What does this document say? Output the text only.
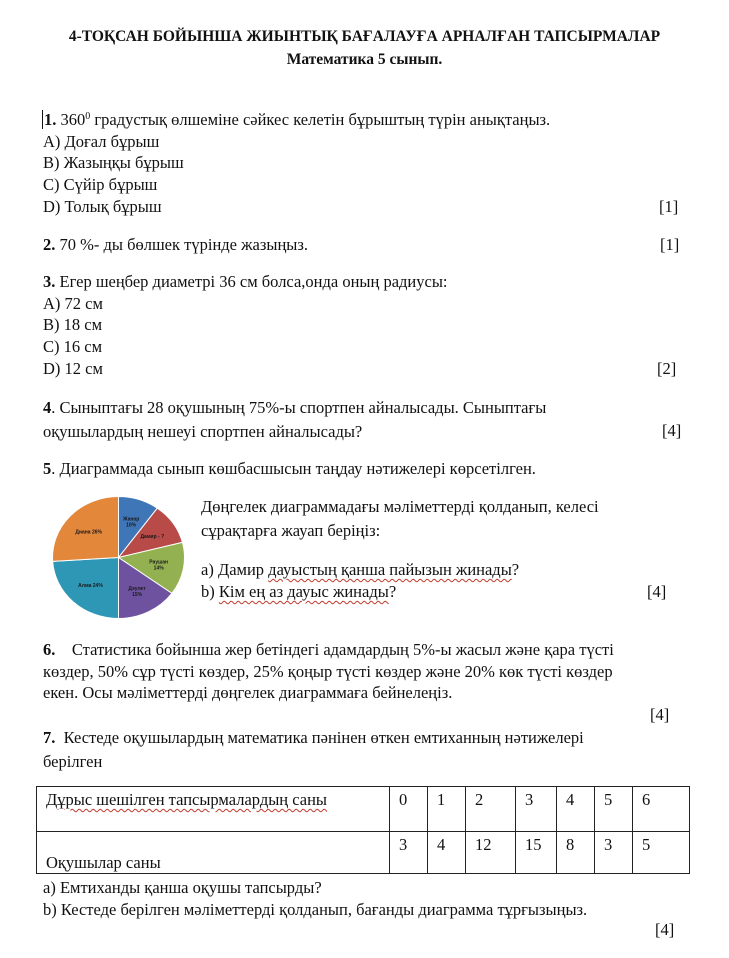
4-ТОҚСАН БОЙЫНША ЖИЫНТЫҚ БАҒАЛАУҒА АРНАЛҒАН ТАПСЫРМАЛАР
Математика 5 сынып.
1. $360^0$ градустық өлшеміне сәйкес келетін бұрыштың түрін анықтаңыз.
A) Доғал бұрыш
B) Жазыңқы бұрыш
C) Сүйір бұрыш
D) Толық бұрыш	[1]
2. 70 %- ды бөлшек түрінде жазыңыз.	[1]
3. Егер шеңбер диаметрі 36 см болса,онда оның радиусы:
A) 72 см
B) 18 см
C) 16 см
D) 12 см	[2]
4. Сыныптағы 28 оқушының 75%-ы спортпен айналысады. Сыныптағы
оқушылардың нешеуі спортпен айналысады?	[4]
5. Диаграммада сынып көшбасшысын таңдау нәтижелері көрсетілген.
Жанар 10%
Дамир - ?
Раушан 14%
Дәулет 15%
Алма 24%
Диана 26%
Дөңгелек диаграммадағы мәліметтерді қолданып, келесі
сұрақтарға жауап беріңіз:
a) Дамир дауыстың қанша пайызын жинады?
b) Кім ең аз дауыс жинады?	[4]
6.    Статистика бойынша жер бетіндегі адамдардың 5%-ы жасыл және қара түсті
көздер, 50% сұр түсті көздер, 25% қоңыр түсті көздер және 20% көк түсті көздер
екен. Осы мәліметтерді дөңгелек диаграммаға бейнелеңіз.
[4]
7.  Кестеде оқушылардың математика пәнінен өткен емтиханның нәтижелері
берілген
Дұрыс шешілген тапсырмалардың саны	0	1	2	3	4	5	6
Оқушылар саны	3	4	12	15	8	3	5
a) Емтиханды қанша оқушы тапсырды?
b) Кестеде берілген мәліметтерді қолданып, бағанды диаграмма тұрғызыңыз.
[4]
